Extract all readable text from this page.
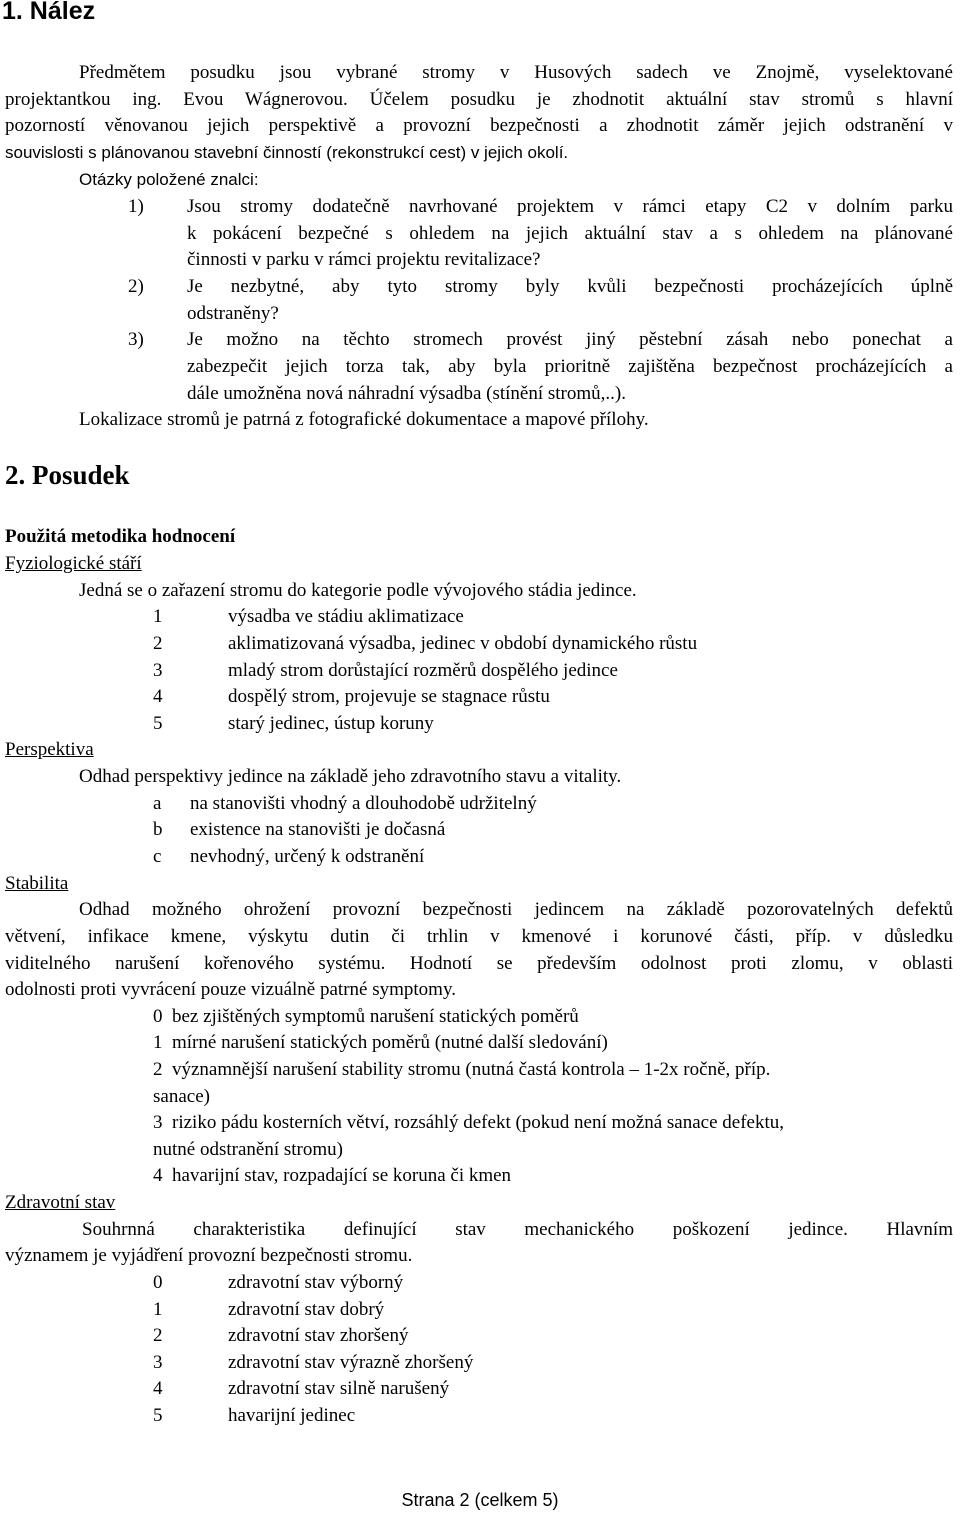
1. Nález
Předmětem posudku jsou vybrané stromy v Husových sadech ve Znojmě, vyselektované
projektantkou ing. Evou Wágnerovou. Účelem posudku je zhodnotit aktuální stav stromů s hlavní
pozorností věnovanou jejich perspektivě a provozní bezpečnosti a zhodnotit záměr jejich odstranění v
souvislosti s plánovanou stavební činností (rekonstrukcí cest) v jejich okolí.
Otázky položené znalci:
1) Jsou stromy dodatečně navrhované projektem v rámci etapy C2 v dolním parku
k pokácení bezpečné s ohledem na jejich aktuální stav a s ohledem na plánované
činnosti v parku v rámci projektu revitalizace?
2) Je nezbytné, aby tyto stromy byly kvůli bezpečnosti procházejících úplně
odstraněny?
3) Je možno na těchto stromech provést jiný pěstební zásah nebo ponechat a
zabezpečit jejich torza tak, aby byla prioritně zajištěna bezpečnost procházejících a
dále umožněna nová náhradní výsadba (stínění stromů,..).
Lokalizace stromů je patrná z fotografické dokumentace a mapové přílohy.
2. Posudek
Použitá metodika hodnocení
Fyziologické stáří
Jedná se o zařazení stromu do kategorie podle vývojového stádia jedince.
1	výsadba ve stádiu aklimatizace
2	aklimatizovaná výsadba, jedinec v období dynamického růstu
3	mladý strom dorůstající rozměrů dospělého jedince
4	dospělý strom, projevuje se stagnace růstu
5	starý jedinec, ústup koruny
Perspektiva
Odhad perspektivy jedince na základě jeho zdravotního stavu a vitality.
a na stanovišti vhodný a dlouhodobě udržitelný
b existence na stanovišti je dočasná
c nevhodný, určený k odstranění
Stabilita
Odhad možného ohrožení provozní bezpečnosti jedincem na základě pozorovatelných defektů
větvení, infikace kmene, výskytu dutin či trhlin v kmenové i korunové části, příp. v důsledku
viditelného narušení kořenového systému. Hodnotí se především odolnost proti zlomu, v oblasti
odolnosti proti vyvrácení pouze vizuálně patrné symptomy.
0  bez zjištěných symptomů narušení statických poměrů
1  mírné narušení statických poměrů (nutné další sledování)
2  významnější narušení stability stromu (nutná častá kontrola – 1-2x ročně, příp.
sanace)
3  riziko pádu kosterních větví, rozsáhlý defekt (pokud není možná sanace defektu,
nutné odstranění stromu)
4  havarijní stav, rozpadající se koruna či kmen
Zdravotní stav
Souhrnná charakteristika definující stav mechanického poškození jedince. Hlavním
významem je vyjádření provozní bezpečnosti stromu.
0	zdravotní stav výborný
1	zdravotní stav dobrý
2	zdravotní stav zhoršený
3	zdravotní stav výrazně zhoršený
4	zdravotní stav silně narušený
5	havarijní jedinec
Strana 2 (celkem 5)
